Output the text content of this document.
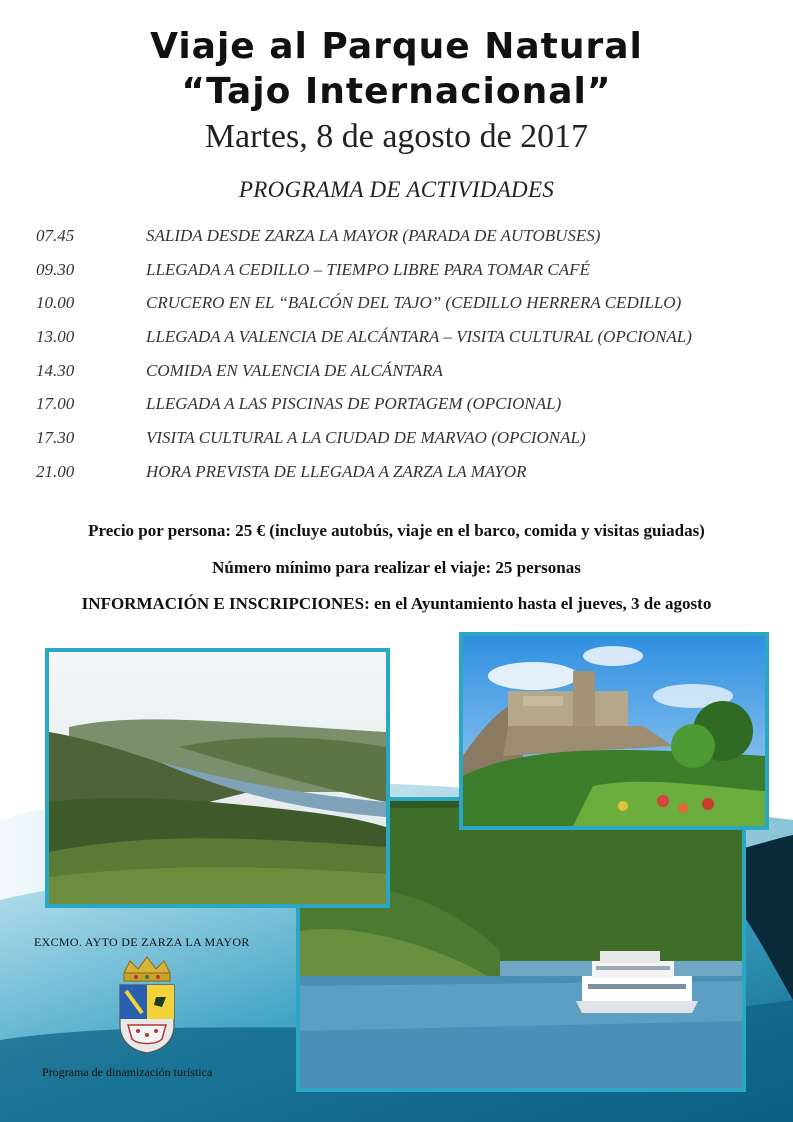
Viaje al Parque Natural
“Tajo Internacional”
Martes, 8 de agosto de 2017
PROGRAMA DE ACTIVIDADES
07.45	SALIDA DESDE ZARZA LA MAYOR (PARADA DE AUTOBUSES)
09.30	LLEGADA A CEDILLO – TIEMPO LIBRE PARA TOMAR CAFÉ
10.00	CRUCERO EN EL “BALCÓN DEL TAJO” (CEDILLO HERRERA CEDILLO)
13.00	LLEGADA A VALENCIA DE ALCÁNTARA – VISITA CULTURAL (OPCIONAL)
14.30	COMIDA EN VALENCIA DE ALCÁNTARA
17.00	LLEGADA A LAS PISCINAS DE PORTAGEM (OPCIONAL)
17.30	VISITA CULTURAL A LA CIUDAD DE MARVAO (OPCIONAL)
21.00	HORA PREVISTA DE LLEGADA A ZARZA LA MAYOR
Precio por persona: 25 € (incluye autobús, viaje en el barco, comida y visitas guiadas)
Número mínimo para realizar el viaje: 25 personas
INFORMACIÓN E INSCRIPCIONES: en el Ayuntamiento hasta el jueves, 3 de agosto
EXCMO. AYTO DE ZARZA LA MAYOR
Programa de dinamización turística
